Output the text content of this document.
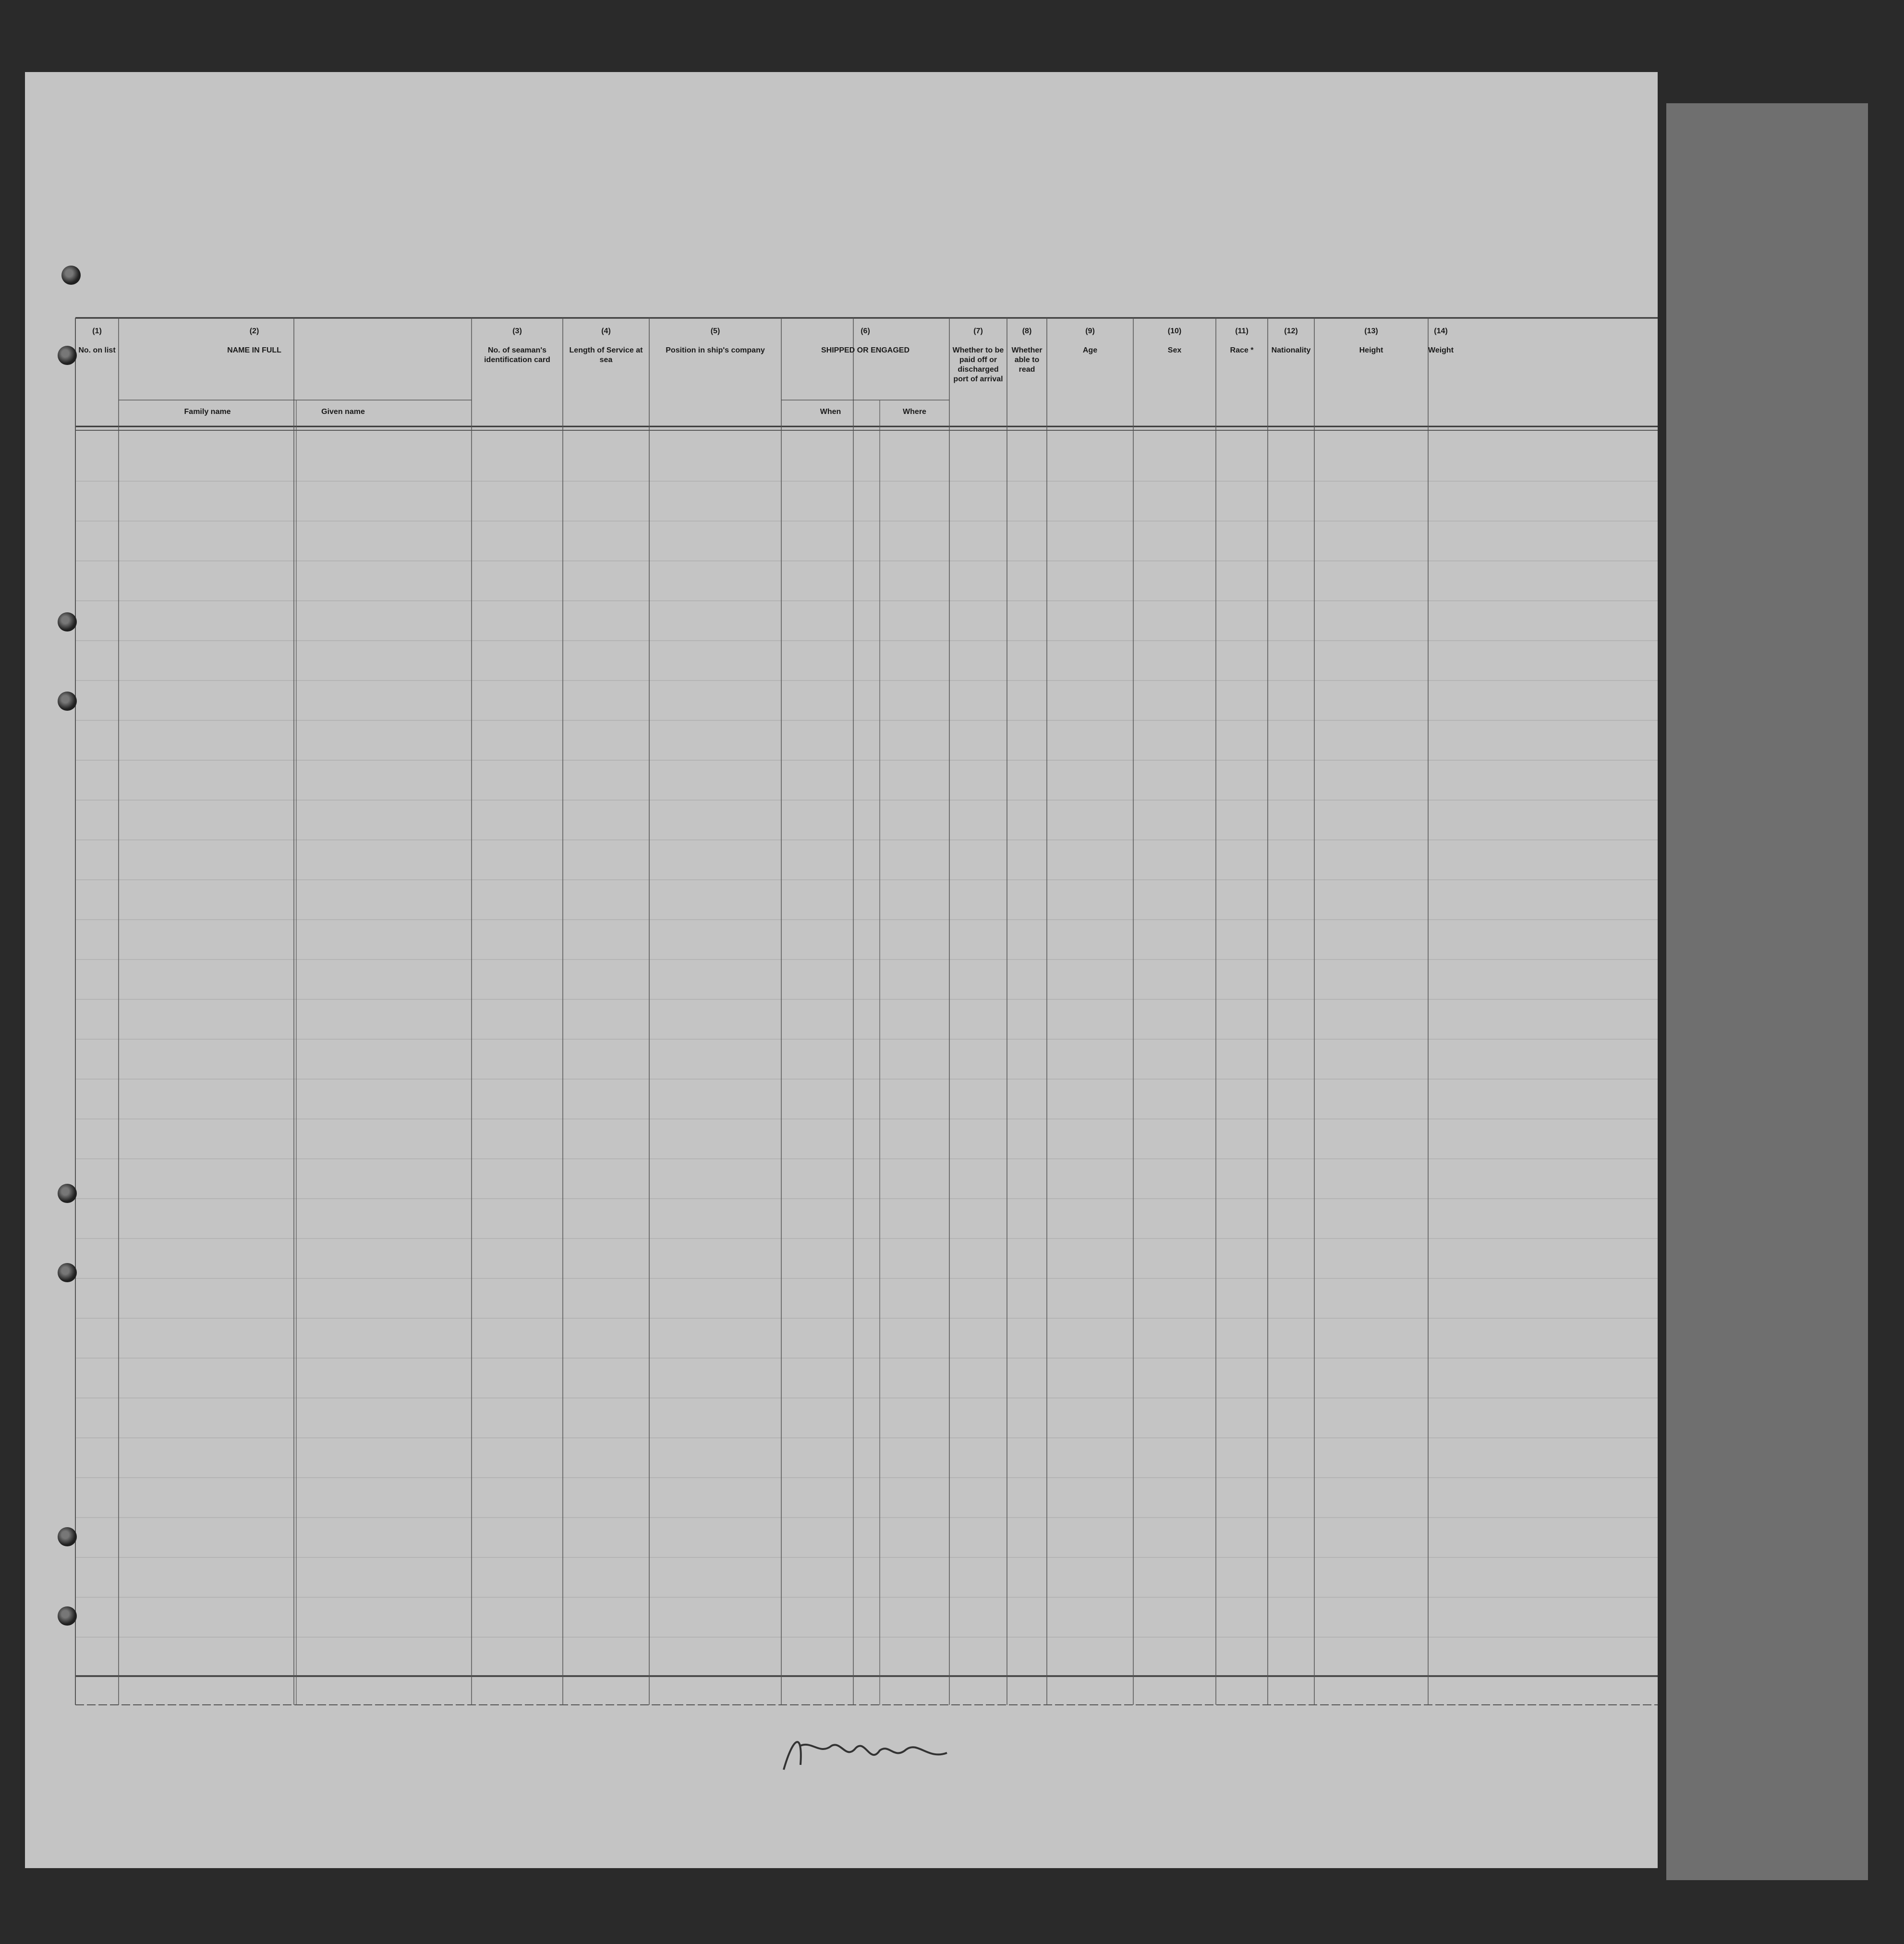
(1)
No. on list
(2)
NAME IN FULL
Family name	Given name
(3)
No. of seaman's identification card
(4)
Length of Service at sea
(5)
Position in ship's company
(6)
SHIPPED OR ENGAGED
When	Where
(7)
Whether to be paid off or discharged port of arrival
(8)
Whether able to read
(9)
Age
(10)
Sex
(11)
Race *
(12)
Nationality
(13)
Height
(14)
Weight
